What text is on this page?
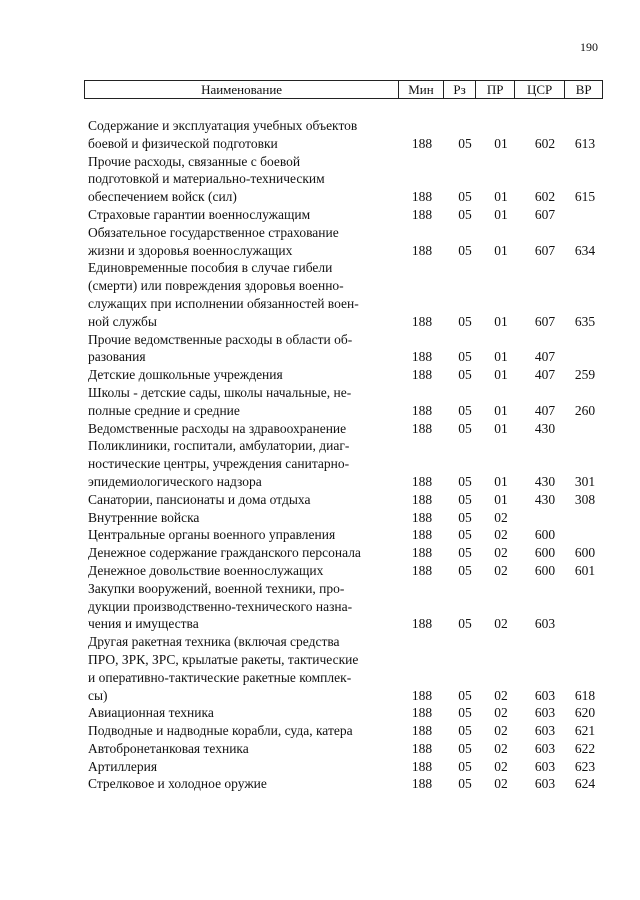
190
Наименование	Мин	Рз	ПР	ЦСР	ВР
Содержание и эксплуатация учебных объектов
боевой и физической подготовки	188	05	01	602	613
Прочие расходы, связанные с боевой
подготовкой и материально-техническим
обеспечением войск (сил)	188	05	01	602	615
Страховые гарантии военнослужащим	188	05	01	607
Обязательное государственное страхование
жизни и здоровья военнослужащих	188	05	01	607	634
Единовременные пособия в случае гибели
(смерти) или повреждения здоровья военно-
служащих при исполнении обязанностей воен-
ной службы	188	05	01	607	635
Прочие ведомственные расходы в области об-
разования	188	05	01	407
Детские дошкольные учреждения	188	05	01	407	259
Школы - детские сады, школы начальные, не-
полные средние и средние	188	05	01	407	260
Ведомственные расходы на здравоохранение	188	05	01	430
Поликлиники, госпитали, амбулатории, диаг-
ностические центры, учреждения санитарно-
эпидемиологического надзора	188	05	01	430	301
Санатории, пансионаты и дома отдыха	188	05	01	430	308
Внутренние войска	188	05	02
Центральные органы военного управления	188	05	02	600
Денежное содержание гражданского персонала	188	05	02	600	600
Денежное довольствие военнослужащих	188	05	02	600	601
Закупки вооружений, военной техники, про-
дукции производственно-технического назна-
чения и имущества	188	05	02	603
Другая ракетная техника (включая средства
ПРО, ЗРК, ЗРС, крылатые ракеты, тактические
и оперативно-тактические ракетные комплек-
сы)	188	05	02	603	618
Авиационная техника	188	05	02	603	620
Подводные и надводные корабли, суда, катера	188	05	02	603	621
Автобронетанковая техника	188	05	02	603	622
Артиллерия	188	05	02	603	623
Стрелковое и холодное оружие	188	05	02	603	624
